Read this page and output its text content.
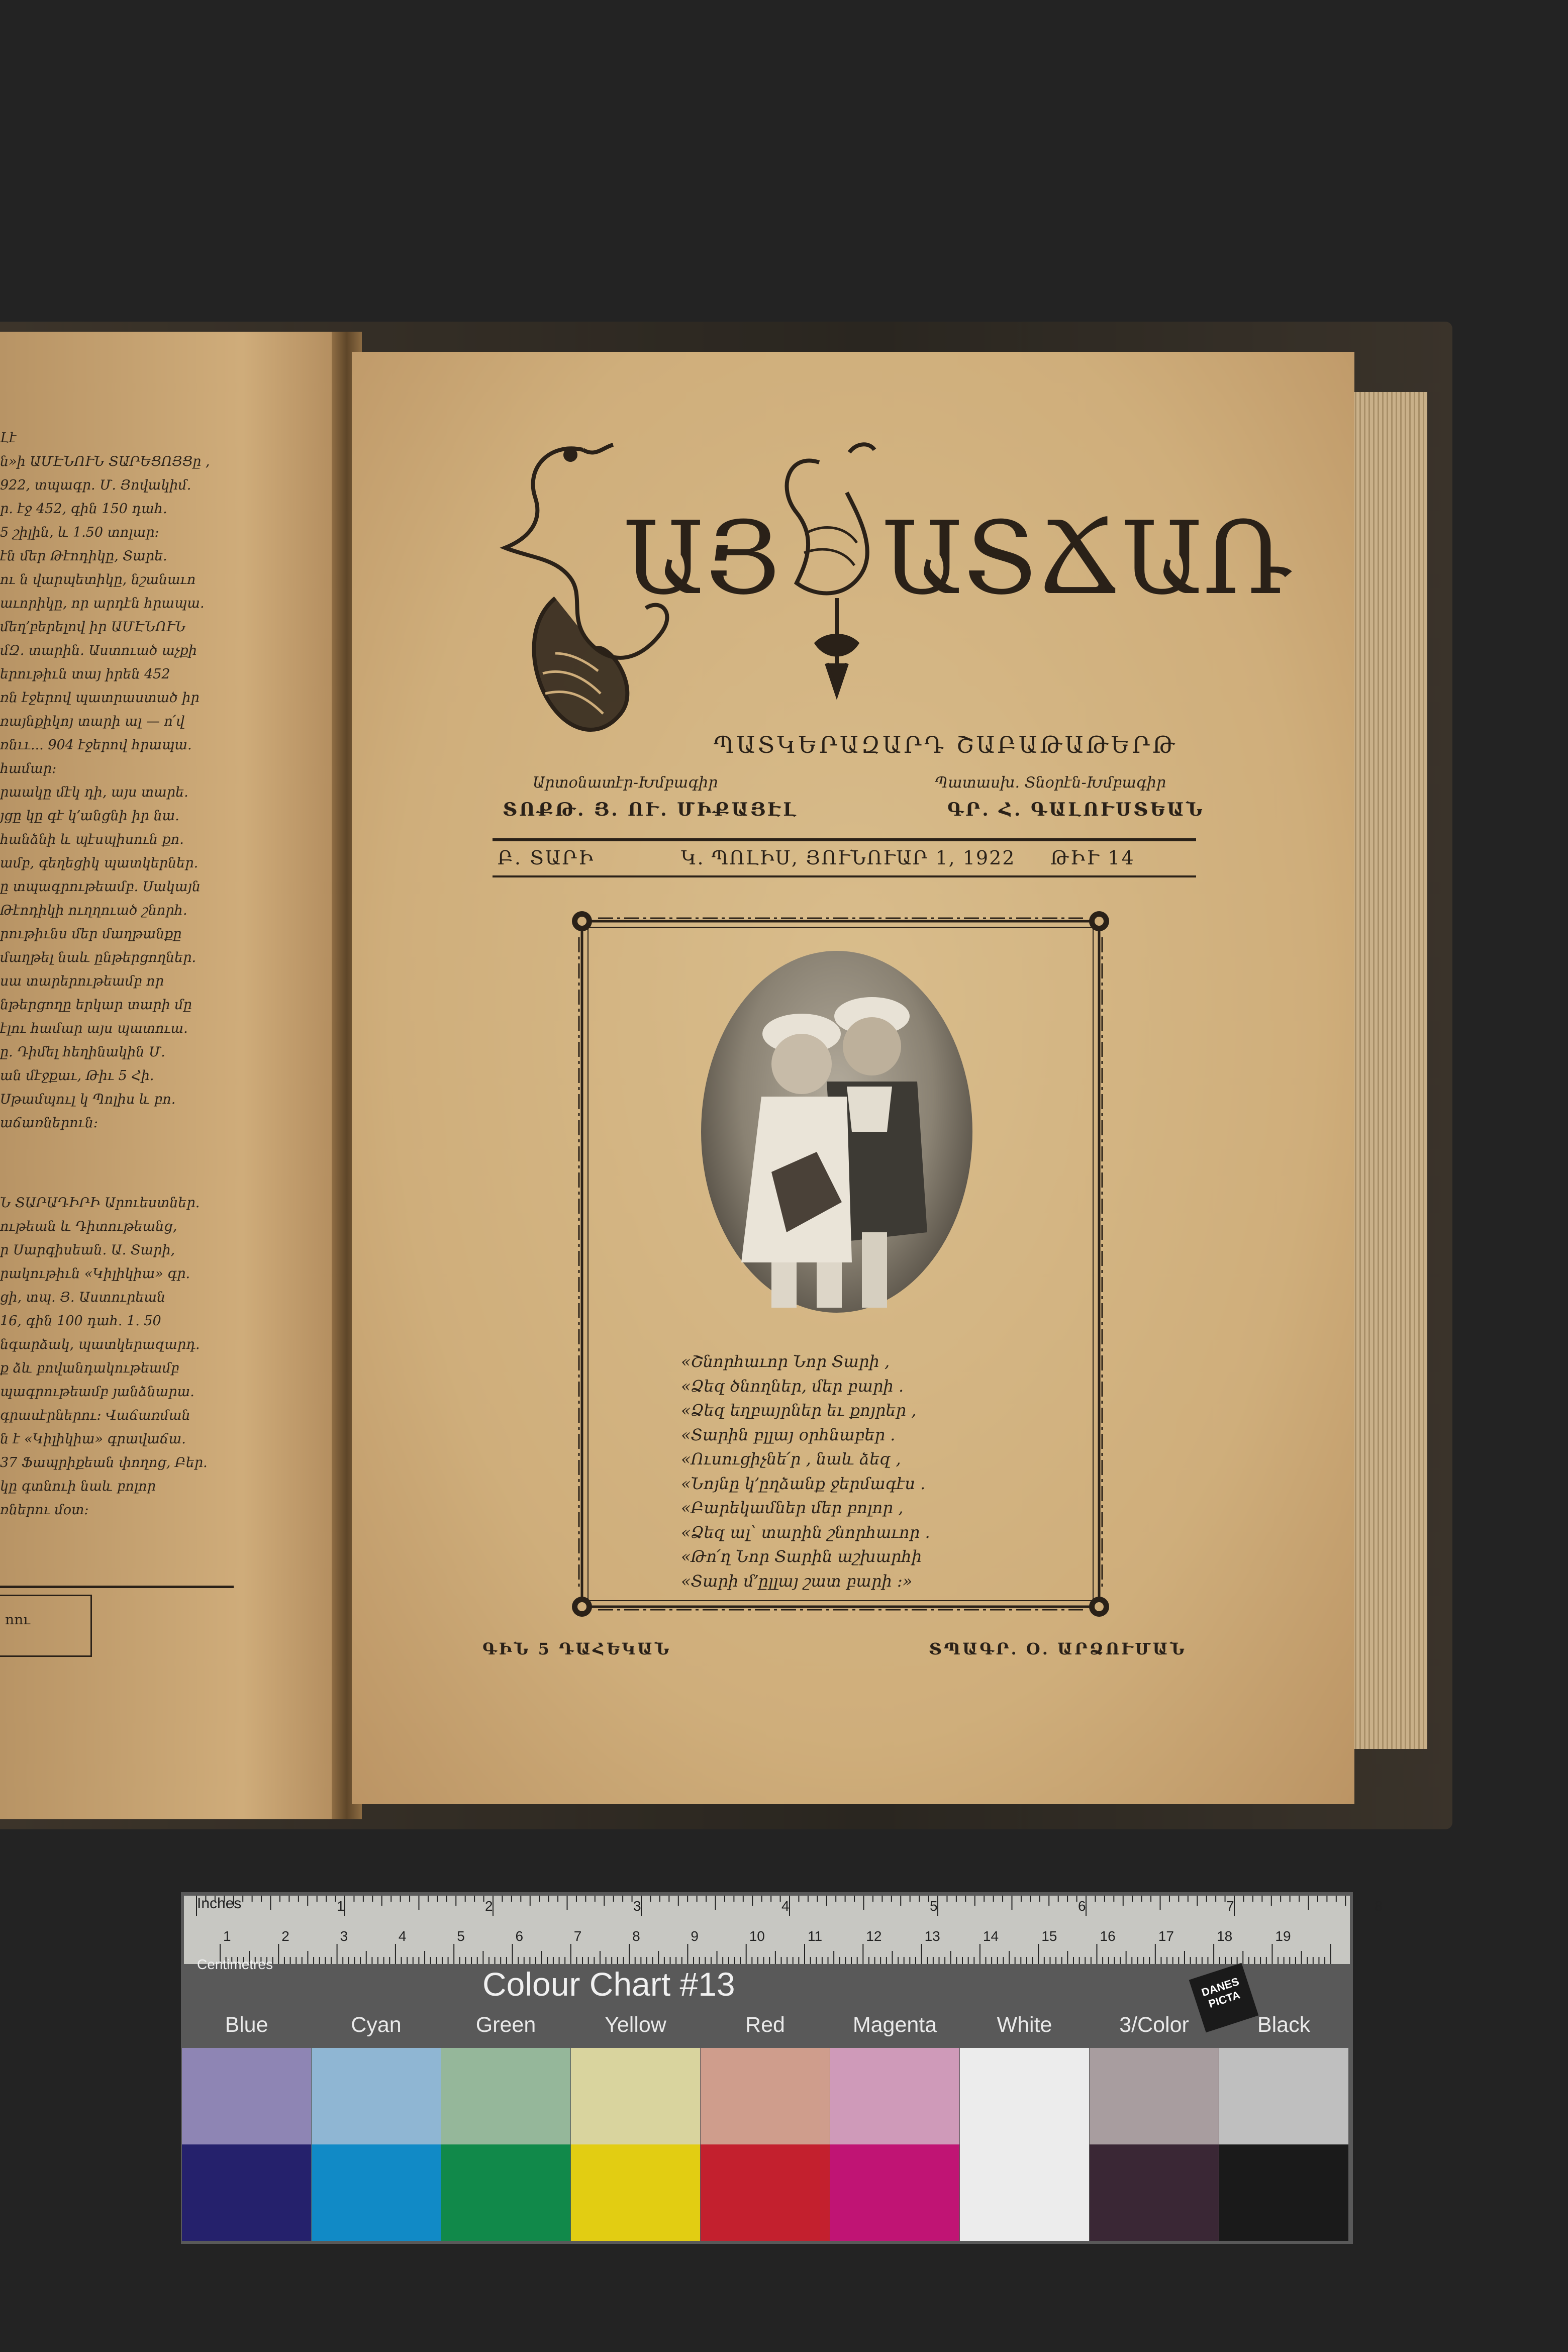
Լէ
ն»ի ԱՄԷՆՈՒՆ ՏԱՐԵՑՈՅՑը ,
922, տպագր. Մ. Յովակիմ.
ր. էջ 452, գին 150 դահ.
5 շիլին, և 1.50 տոլար։
էն մեր Թէոդիկը, Տարե.
ու ն վարպետիկը, նշանաւո
աւորիկը, որ արդէն հրապա.
մեղ՚բերելով իր ԱՄԷՆՈՒՆ
մԶ. տարին. Աստուած աչքի
երութիւն տայ իրեն 452
ռն էջերով պատրաստած իր
ռայնքիկոյ տարի ալ — ո՛վ
ռնււ... 904 էջերով հրապա.
համար։
րաակը մէկ դի, այս տարե.
յցը կը գէ կ՚անցնի իր նա.
հանձնի և պէսպիսուն քո.
ամբ, գեղեցիկ պատկերներ.
ը տպագրութեամբ. Սակայն
Թէոդիկի ուղղուած շնորհ.
րութիւնս մեր մաղթանքը
մաղթել նաև ընթերցողներ.
սա տարերութեամբ որ
նթերցողը երկար տարի մը
էլու համար այս պատուա.
ը. Դիմել հեղինակին Մ.
ան մէջքաւ, Թիւ 5 Հի.
Սթամպուլ կ Պոլիս և բո.
աճառներուն։
Ն ՏԱՐԱԴԻՐԻ Արուեստներ.
ութեան և Դիտութեանց,
ր Սարգիսեան. Ա. Տարի,
րակութիւն «Կիլիկիա» գր.
ցի, տպ. Յ. Աստուրեան
16, գին 100 դահ. 1. 50
նգարձակ, պատկերազարդ.
ք ձև բովանդակութեամբ
պագրութեամբ յանձնարա.
գրասէրներու։ Վաճառման
ն է «Կիլիկիա» գրավաճա.
37 Ֆապրիքեան փողոց, Բեր.
կը գտնուի նաև բոլոր
ռներու մօտ։
ոու
ԱՅ ԱՏՃԱՌ
ՊԱՏԿԵՐԱԶԱՐԴ ՇԱԲԱԹԱԹԵՐԹ
Արտօնատէր-Խմբագիր
ՏՈՔԹ. Յ. ՈՒ. ՄԻՔԱՅԷԼ
Պատասխ. Տնօրէն-Խմբագիր
ԳՐ. Հ. ԳԱԼՈՒՍՏԵԱՆ
Բ. ՏԱՐԻ	Կ. ՊՈԼԻՍ, ՅՈՒՆՈՒԱՐ 1, 1922 ԹԻՒ 14
«Շնորհաւոր Նոր Տարի ,
«Ձեզ ծնողներ, մեր բարի .
«Ձեզ եղբայրներ եւ քոյրեր ,
«Տարին բլլայ օրհնաբեր .
«Ուսուցիչնե՛ր , նաև ձեզ ,
«Նոյնը կ՚ըղձանք ջերմագէս .
«Բարեկամներ մեր բոլոր ,
«Ձեզ ալ՝ տարին շնորհաւոր .
«Թո՛ղ Նոր Տարին աշխարհի
«Տարի մ՚ըլլայ շատ բարի :»
ԳԻՆ 5 ԴԱՀԵԿԱՆ	ՏՊԱԳՐ. Օ. ԱՐՁՈՒՄԱՆ
1	2	3	4	5	6	7	8
1	2	3	4	5	6	7	8	9	10	11	12	13	14	15	16	17	18	19
Inches
Centimetres
Colour Chart #13	DANES PICTA
Blue	Cyan	Green	Yellow	Red	Magenta	White	3/Color	Black
